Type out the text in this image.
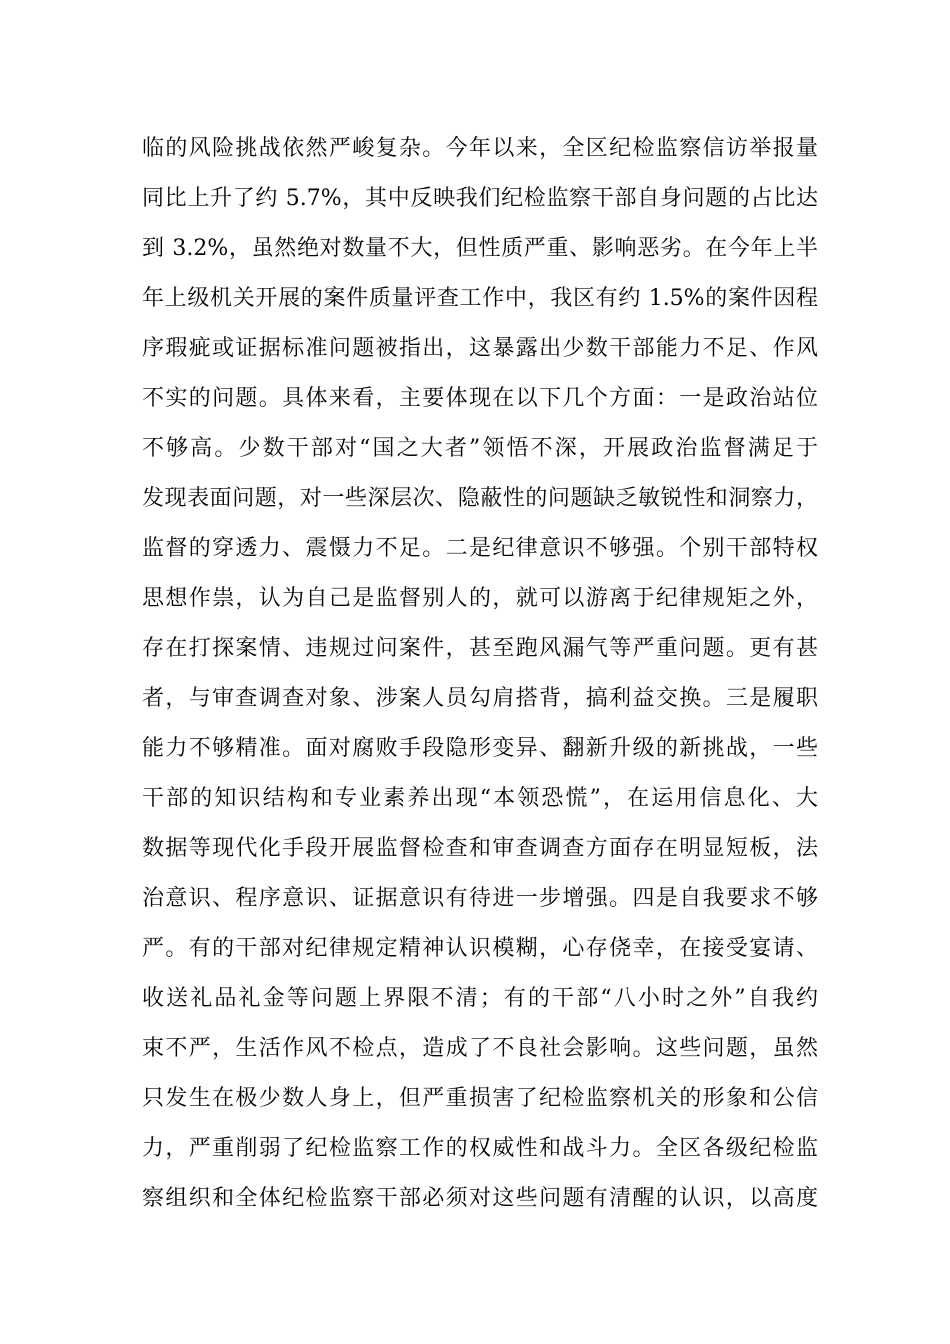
临的风险挑战依然严峻复杂。今年以来，全区纪检监察信访举报量

同比上升了约 5.7%，其中反映我们纪检监察干部自身问题的占比达

到 3.2%，虽然绝对数量不大，但性质严重、影响恶劣。在今年上半

年上级机关开展的案件质量评查工作中，我区有约 1.5%的案件因程

序瑕疵或证据标准问题被指出，这暴露出少数干部能力不足、作风

不实的问题。具体来看，主要体现在以下几个方面：一是政治站位

不够高。少数干部对“国之大者”领悟不深，开展政治监督满足于

发现表面问题，对一些深层次、隐蔽性的问题缺乏敏锐性和洞察力，

监督的穿透力、震慑力不足。二是纪律意识不够强。个别干部特权

思想作祟，认为自己是监督别人的，就可以游离于纪律规矩之外，

存在打探案情、违规过问案件，甚至跑风漏气等严重问题。更有甚

者，与审查调查对象、涉案人员勾肩搭背，搞利益交换。三是履职

能力不够精准。面对腐败手段隐形变异、翻新升级的新挑战，一些

干部的知识结构和专业素养出现“本领恐慌”，在运用信息化、大

数据等现代化手段开展监督检查和审查调查方面存在明显短板，法

治意识、程序意识、证据意识有待进一步增强。四是自我要求不够

严。有的干部对纪律规定精神认识模糊，心存侥幸，在接受宴请、

收送礼品礼金等问题上界限不清；有的干部“八小时之外”自我约

束不严，生活作风不检点，造成了不良社会影响。这些问题，虽然

只发生在极少数人身上，但严重损害了纪检监察机关的形象和公信

力，严重削弱了纪检监察工作的权威性和战斗力。全区各级纪检监

察组织和全体纪检监察干部必须对这些问题有清醒的认识，以高度
